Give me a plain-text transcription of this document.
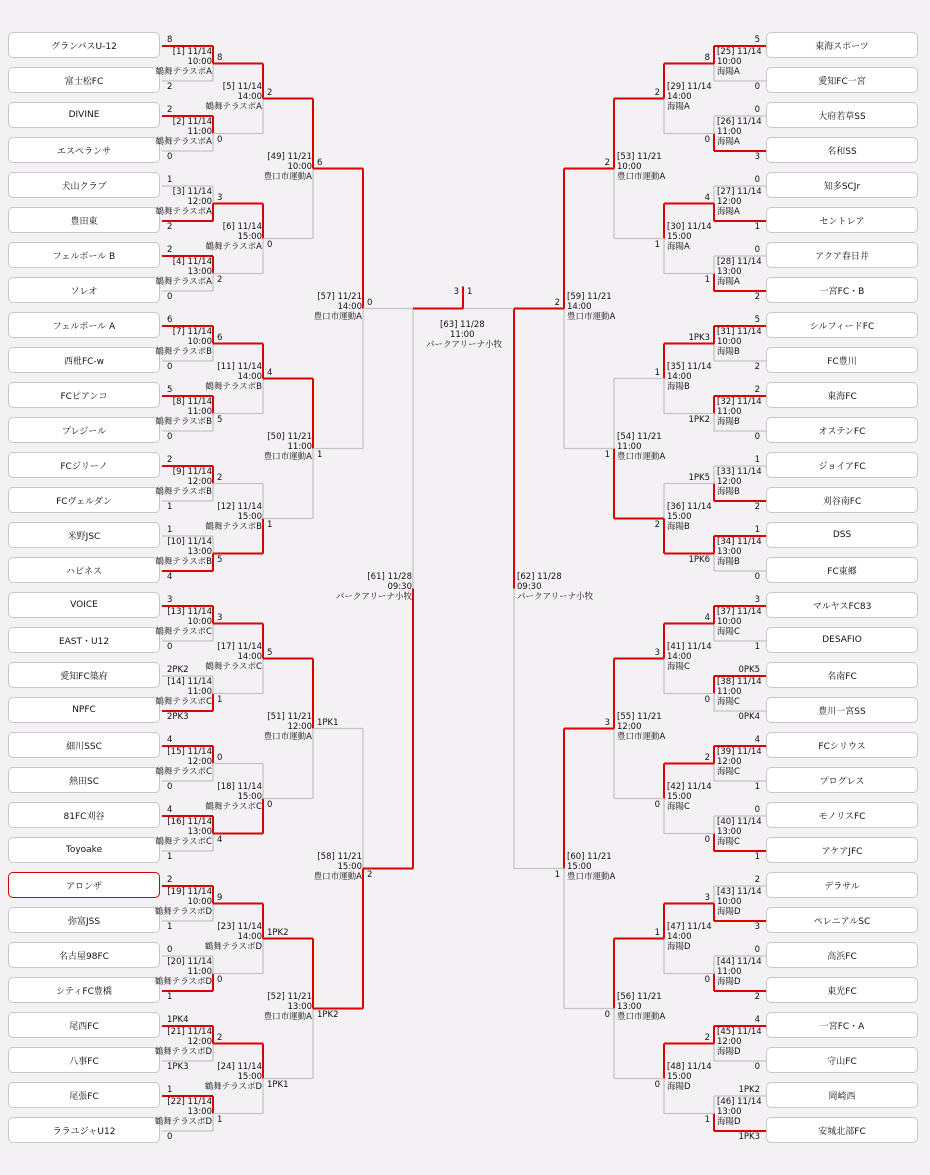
グランパスU-12
富士松FC
DIVINE
エスペランサ
犬山クラブ
豊田東
フェルボール B
ソレオ
フェルボール A
西枇FC-w
FCピアンコ
プレジール
FCジリーノ
FCヴェルダン
米野JSC
ハピネス
VOICE
EAST・U12
愛知FC築府
NPFC
細川SSC
熱田SC
81FC刈谷
Toyoake
アロンザ
弥富JSS
名古屋98FC
シティFC豊橋
尾西FC
八事FC
尾張FC
ララユジャU12
東海スポーツ
愛知FC一宮
大府若草SS
名和SS
知多SCJr
セントレア
アクア春日井
一宮FC・B
シルフィードFC
FC豊川
東海FC
オステンFC
ジョイアFC
刈谷南FC
DSS
FC東郷
マルヤスFC83
DESAFIO
名南FC
豊川一宮SS
FCシリウス
プログレス
モノリスFC
アケアJFC
デラサル
ペレニアルSC
高浜FC
東光FC
一宮FC・A
守山FC
岡崎西
安城北部FC
8
2
[1] 11/14
10:00
鶴舞テラスポA
2
0
[2] 11/14
11:00
鶴舞テラスポA
1
2
[3] 11/14
12:00
鶴舞テラスポA
2
0
[4] 11/14
13:00
鶴舞テラスポA
6
0
[7] 11/14
10:00
鶴舞テラスポB
5
0
[8] 11/14
11:00
鶴舞テラスポB
2
1
[9] 11/14
12:00
鶴舞テラスポB
1
4
[10] 11/14
13:00
鶴舞テラスポB
3
0
[13] 11/14
10:00
鶴舞テラスポC
2PK2
2PK3
[14] 11/14
11:00
鶴舞テラスポC
4
0
[15] 11/14
12:00
鶴舞テラスポC
4
1
[16] 11/14
13:00
鶴舞テラスポC
2
1
[19] 11/14
10:00
鶴舞テラスポD
0
1
[20] 11/14
11:00
鶴舞テラスポD
1PK4
1PK3
[21] 11/14
12:00
鶴舞テラスポD
1
0
[22] 11/14
13:00
鶴舞テラスポD
8
0
[5] 11/14
14:00
鶴舞テラスポA
3
2
[6] 11/14
15:00
鶴舞テラスポA
6
5
[11] 11/14
14:00
鶴舞テラスポB
2
5
[12] 11/14
15:00
鶴舞テラスポB
3
1
[17] 11/14
14:00
鶴舞テラスポC
0
4
[18] 11/14
15:00
鶴舞テラスポC
9
0
[23] 11/14
14:00
鶴舞テラスポD
2
1
[24] 11/14
15:00
鶴舞テラスポD
2
0
[49] 11/21
10:00
豊口市運動A
4
1
[50] 11/21
11:00
豊口市運動A
5
0
[51] 11/21
12:00
豊口市運動A
1PK2
1PK1
[52] 11/21
13:00
豊口市運動A
6
1
[57] 11/21
14:00
豊口市運動A
1PK1
1PK2
[58] 11/21
15:00
豊口市運動A
0
2
[61] 11/28
09:30
パークアリーナ小牧
5
0
[25] 11/14
10:00
海陽A
0
3
[26] 11/14
11:00
海陽A
0
1
[27] 11/14
12:00
海陽A
0
2
[28] 11/14
13:00
海陽A
5
2
[31] 11/14
10:00
海陽B
2
0
[32] 11/14
11:00
海陽B
1
2
[33] 11/14
12:00
海陽B
1
0
[34] 11/14
13:00
海陽B
3
1
[37] 11/14
10:00
海陽C
0PK5
0PK4
[38] 11/14
11:00
海陽C
4
1
[39] 11/14
12:00
海陽C
0
1
[40] 11/14
13:00
海陽C
2
3
[43] 11/14
10:00
海陽D
0
2
[44] 11/14
11:00
海陽D
4
0
[45] 11/14
12:00
海陽D
1PK2
1PK3
[46] 11/14
13:00
海陽D
8
0
[29] 11/14
14:00
海陽A
4
1
[30] 11/14
15:00
海陽A
1PK3
1PK2
[35] 11/14
14:00
海陽B
1PK5
1PK6
[36] 11/14
15:00
海陽B
4
0
[41] 11/14
14:00
海陽C
2
0
[42] 11/14
15:00
海陽C
3
0
[47] 11/14
14:00
海陽D
2
1
[48] 11/14
15:00
海陽D
2
1
[53] 11/21
10:00
豊口市運動A
1
2
[54] 11/21
11:00
豊口市運動A
3
0
[55] 11/21
12:00
豊口市運動A
1
0
[56] 11/21
13:00
豊口市運動A
2
1
[59] 11/21
14:00
豊口市運動A
3
0
[60] 11/21
15:00
豊口市運動A
2
1
[62] 11/28
09:30
パークアリーナ小牧
3 1
[63] 11/28
11:00
パークアリーナ小牧
